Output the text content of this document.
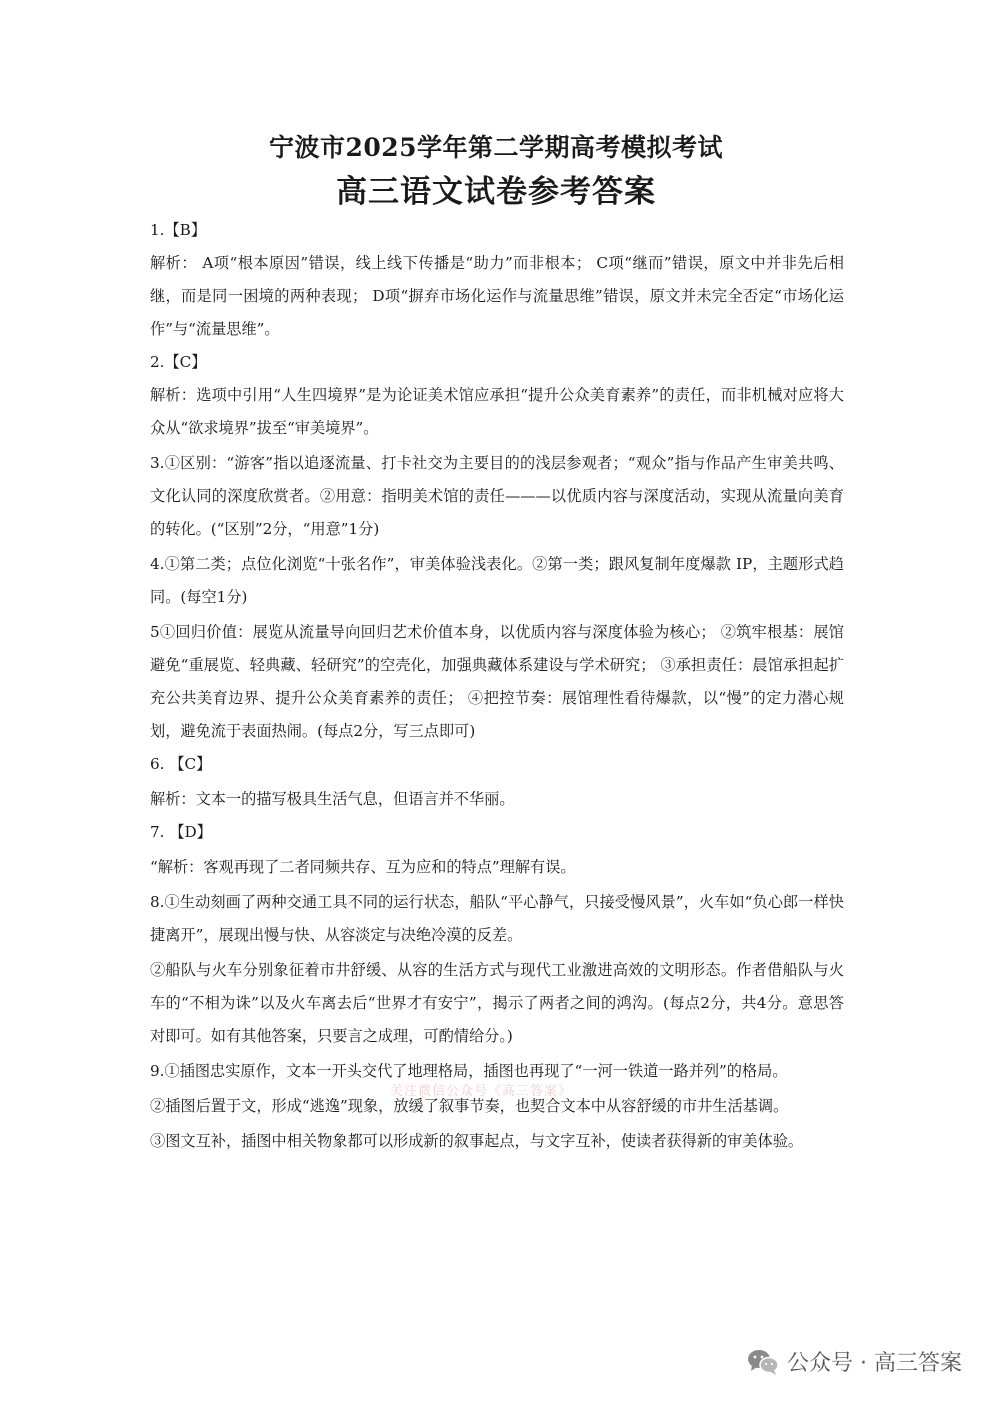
宁波市2025学年第二学期高考模拟考试
高三语文试卷参考答案

1.【B】

解析： A项“根本原因”错误，线上线下传播是“助力”而非根本； C项“继而”错误，原文中并非先后相继，而是同一困境的两种表现； D项“摒弃市场化运作与流量思维”错误，原文并未完全否定“市场化运作”与“流量思维”。

2.【C】

解析：选项中引用“人生四境界”是为论证美术馆应承担“提升公众美育素养”的责任，而非机械对应将大众从“欲求境界”拔至“审美境界”。

3.①区别：“游客”指以追逐流量、打卡社交为主要目的的浅层参观者；“观众”指与作品产生审美共鸣、文化认同的深度欣赏者。②用意：指明美术馆的责任———以优质内容与深度活动，实现从流量向美育的转化。(“区别”2分，“用意”1分)

4.①第二类；点位化浏览“十张名作”，审美体验浅表化。②第一类；跟风复制年度爆款 IP，主题形式趋同。(每空1分)

5①回归价值：展览从流量导向回归艺术价值本身，以优质内容与深度体验为核心； ②筑牢根基：展馆避免“重展览、轻典藏、轻研究”的空壳化，加强典藏体系建设与学术研究； ③承担责任：晨馆承担起扩充公共美育边界、提升公众美育素养的责任； ④把控节奏：展馆理性看待爆款，以“慢”的定力潜心规划，避免流于表面热闹。(每点2分，写三点即可)

6. 【C】

解析：文本一的描写极具生活气息，但语言并不华丽。

7. 【D】

“解析：客观再现了二者同频共存、互为应和的特点”理解有误。

8.①生动刻画了两种交通工具不同的运行状态，船队“平心静气，只接受慢风景”，火车如“负心郎一样快捷离开”，展现出慢与快、从容淡定与决绝冷漠的反差。

②船队与火车分别象征着市井舒缓、从容的生活方式与现代工业激进高效的文明形态。作者借船队与火车的“不相为诛”以及火车离去后“世界才有安宁”，揭示了两者之间的鸿沟。(每点2分，共4分。意思答对即可。如有其他答案，只要言之成理，可酌情给分。)

9.①插图忠实原作，文本一开头交代了地理格局，插图也再现了“一河一铁道一路并列”的格局。

②插图后置于文，形成“逃逸”现象，放缓了叙事节奏，也契合文本中从容舒缓的市井生活基调。

③图文互补，插图中相关物象都可以形成新的叙事起点，与文字互补，使读者获得新的审美体验。

关注微信公众号《高三答案》
公众号 · 高三答案
